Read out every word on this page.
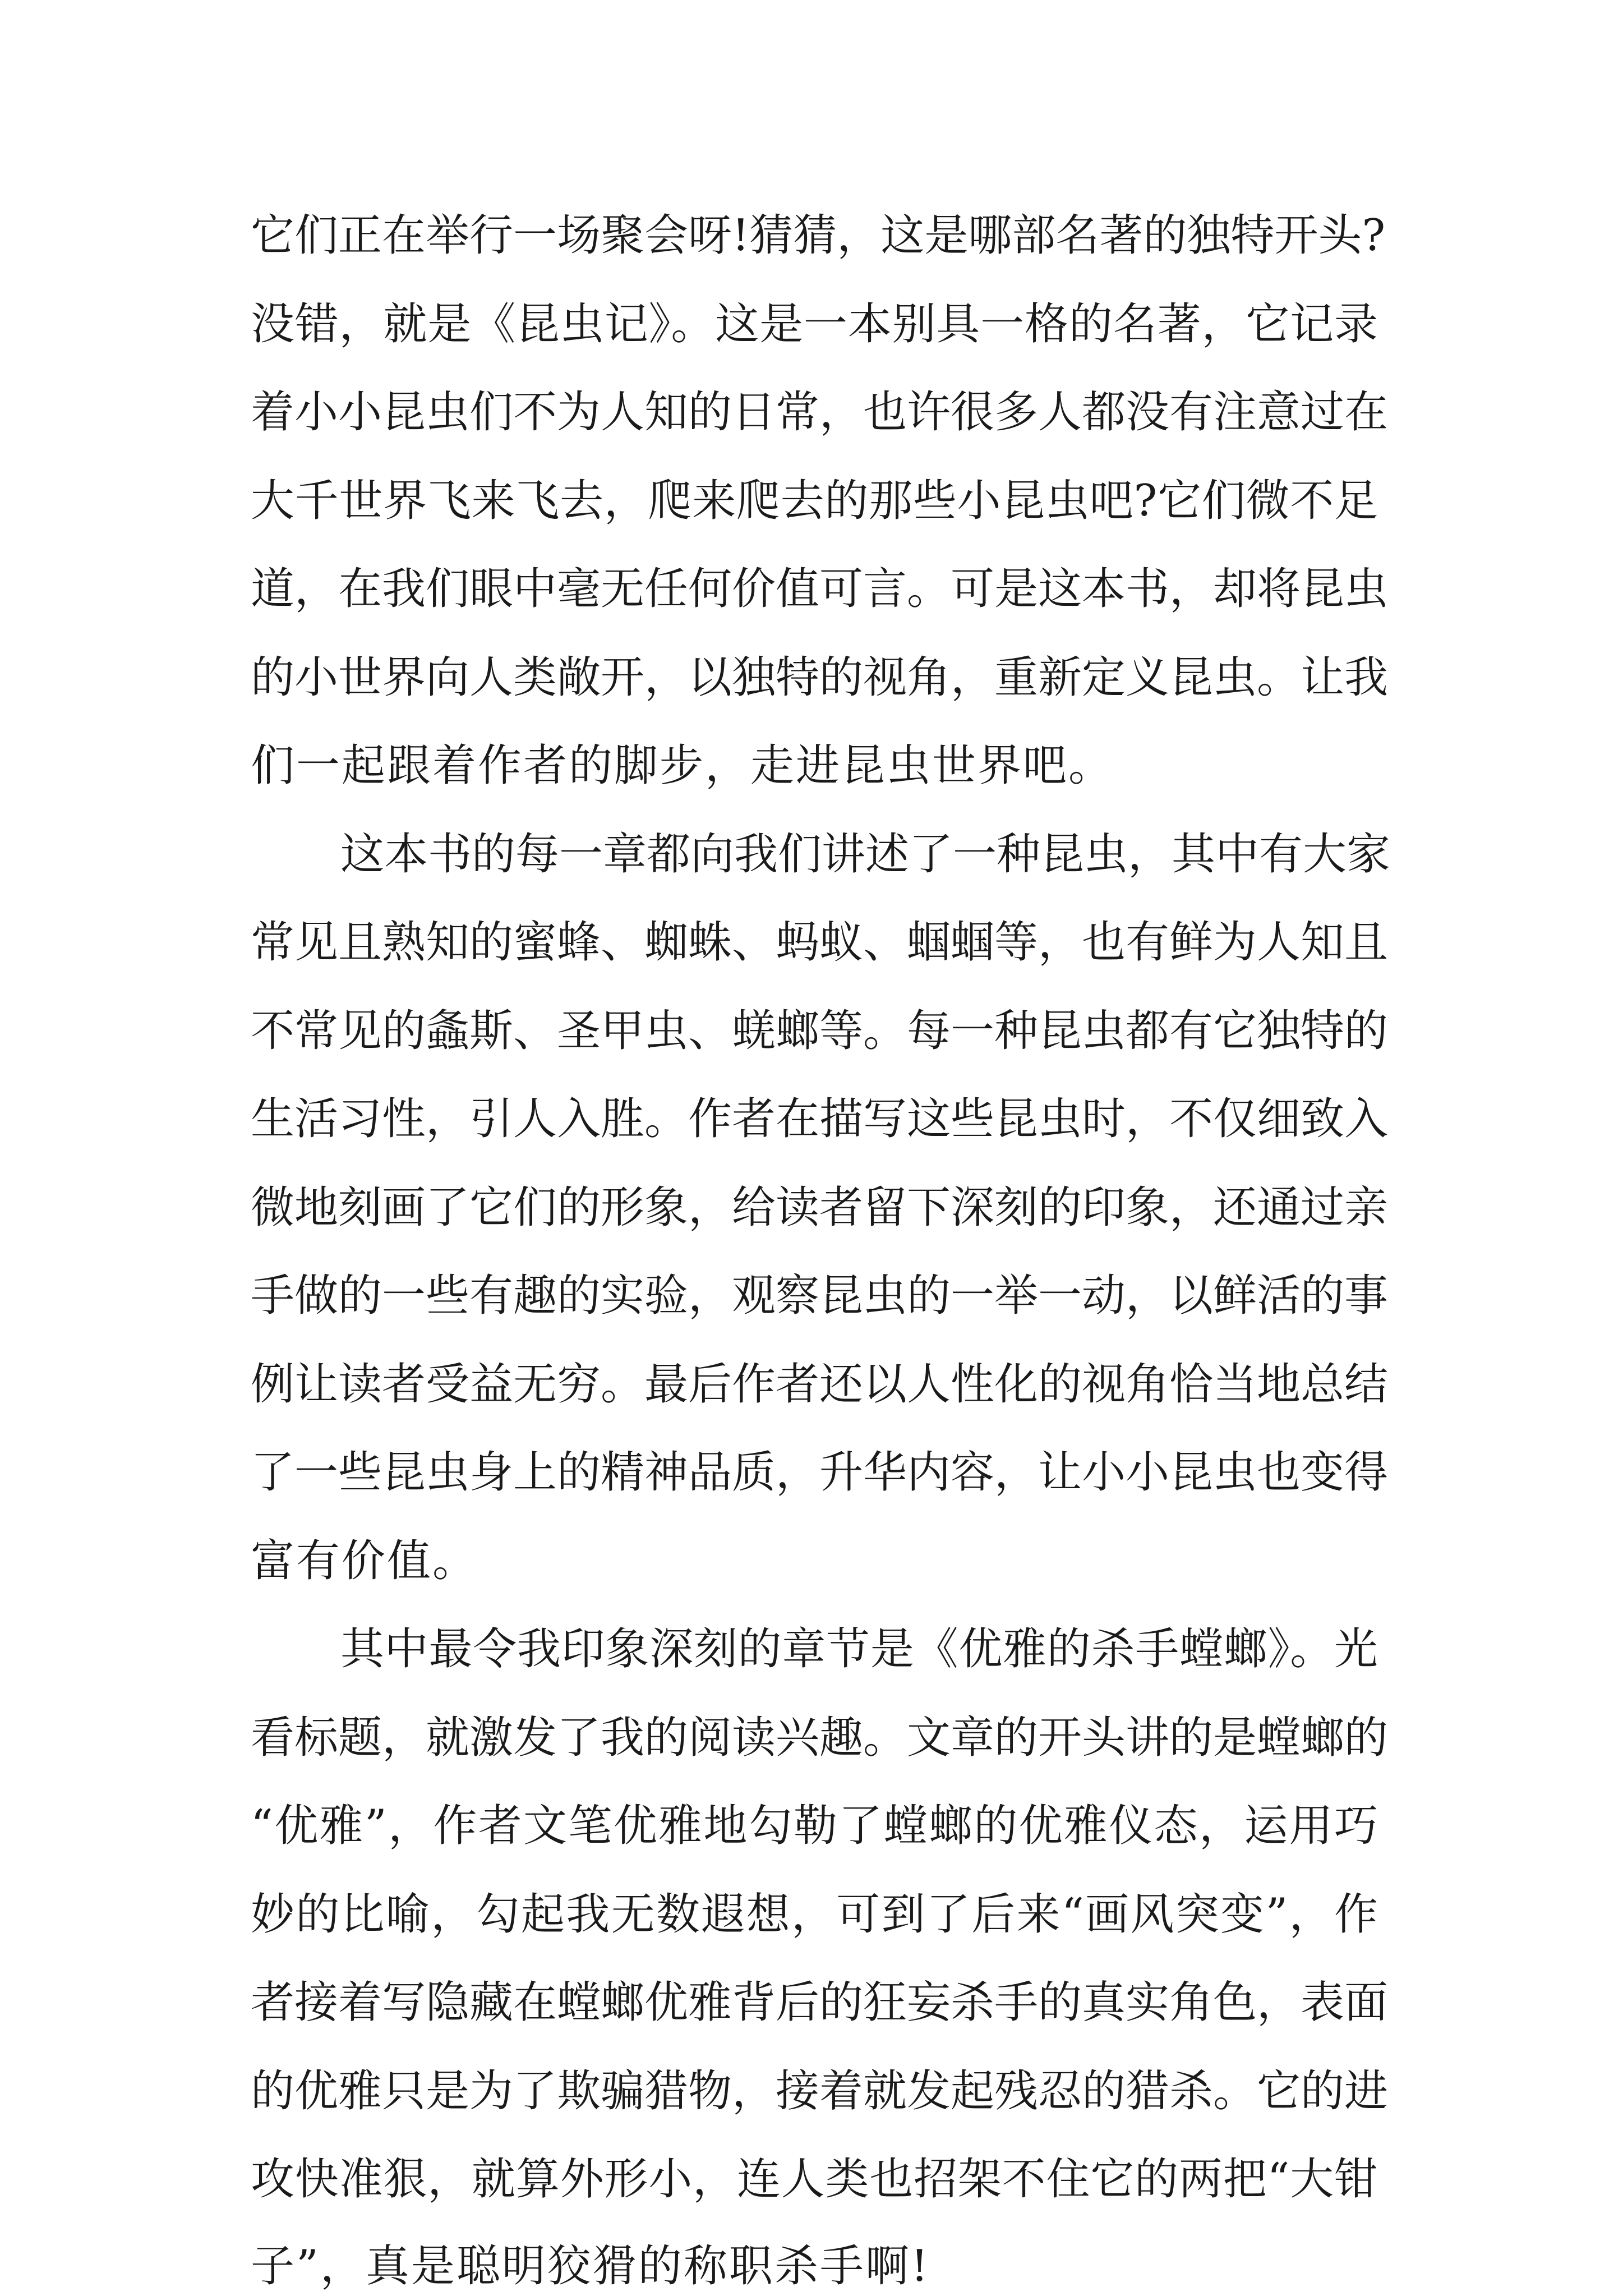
它们正在举行一场聚会呀!猜猜，这是哪部名著的独特开头?
没错，就是《昆虫记》。这是一本别具一格的名著，它记录
着小小昆虫们不为人知的日常，也许很多人都没有注意过在
大千世界飞来飞去，爬来爬去的那些小昆虫吧?它们微不足
道，在我们眼中毫无任何价值可言。可是这本书，却将昆虫
的小世界向人类敞开，以独特的视角，重新定义昆虫。让我
们一起跟着作者的脚步，走进昆虫世界吧。
这本书的每一章都向我们讲述了一种昆虫，其中有大家
常见且熟知的蜜蜂、蜘蛛、蚂蚁、蝈蝈等，也有鲜为人知且
不常见的螽斯、圣甲虫、蜣螂等。每一种昆虫都有它独特的
生活习性，引人入胜。作者在描写这些昆虫时，不仅细致入
微地刻画了它们的形象，给读者留下深刻的印象，还通过亲
手做的一些有趣的实验，观察昆虫的一举一动，以鲜活的事
例让读者受益无穷。最后作者还以人性化的视角恰当地总结
了一些昆虫身上的精神品质，升华内容，让小小昆虫也变得
富有价值。
其中最令我印象深刻的章节是《优雅的杀手螳螂》。光
看标题，就激发了我的阅读兴趣。文章的开头讲的是螳螂的
“优雅”，作者文笔优雅地勾勒了螳螂的优雅仪态，运用巧
妙的比喻，勾起我无数遐想，可到了后来“画风突变”，作
者接着写隐藏在螳螂优雅背后的狂妄杀手的真实角色，表面
的优雅只是为了欺骗猎物，接着就发起残忍的猎杀。它的进
攻快准狠，就算外形小，连人类也招架不住它的两把“大钳
子”，真是聪明狡猾的称职杀手啊!
